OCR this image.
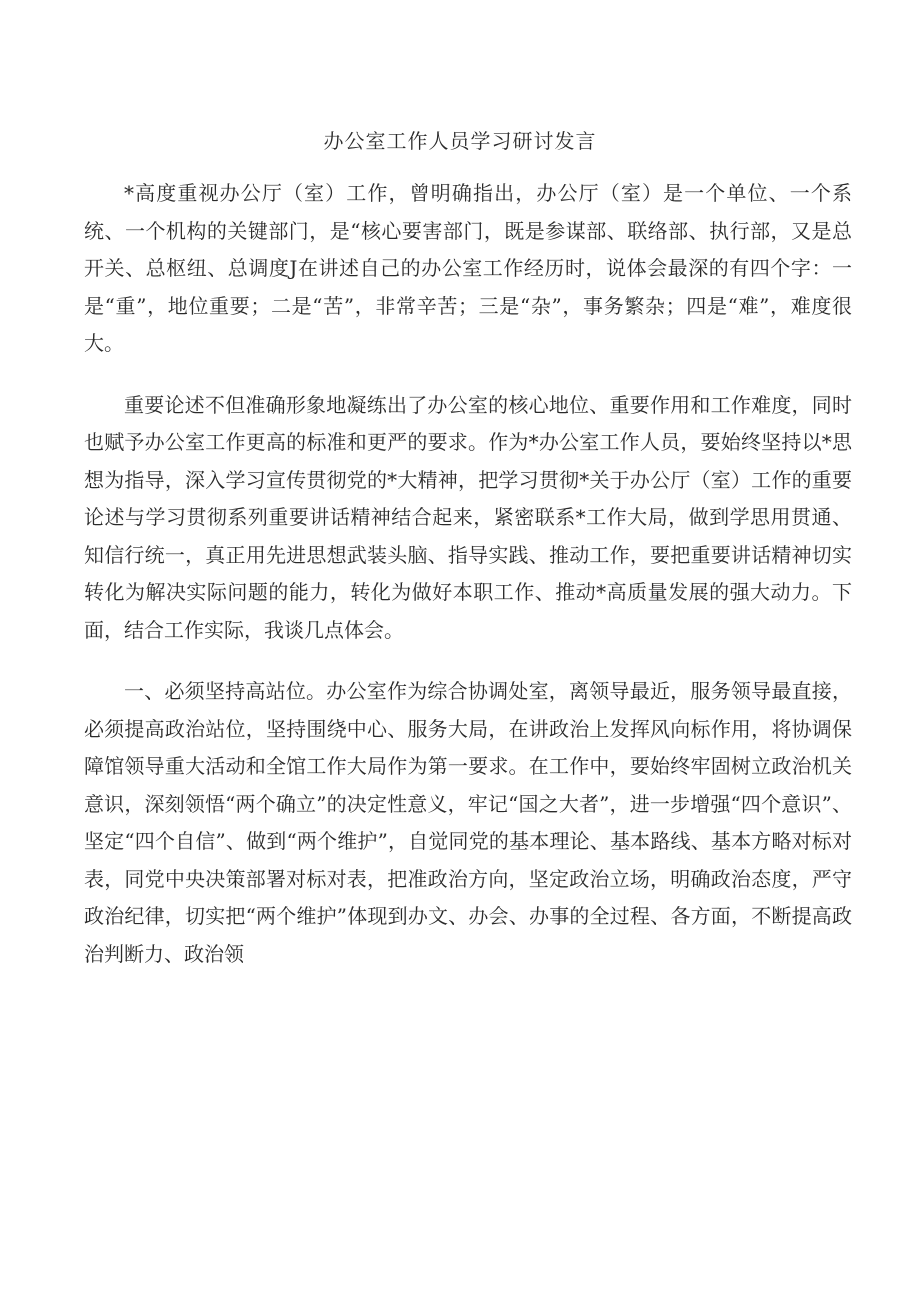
办公室工作人员学习研讨发言

*高度重视办公厅（室）工作，曾明确指出，办公厅（室）是一个单位、一个系统、一个机构的关键部门，是“核心要害部门，既是参谋部、联络部、执行部，又是总开关、总枢纽、总调度J在讲述自己的办公室工作经历时，说体会最深的有四个字：一是“重”，地位重要；二是“苦”，非常辛苦；三是“杂”，事务繁杂；四是“难”，难度很大。

重要论述不但准确形象地凝练出了办公室的核心地位、重要作用和工作难度，同时也赋予办公室工作更高的标准和更严的要求。作为*办公室工作人员，要始终坚持以*思想为指导，深入学习宣传贯彻党的*大精神，把学习贯彻*关于办公厅（室）工作的重要论述与学习贯彻系列重要讲话精神结合起来，紧密联系*工作大局，做到学思用贯通、知信行统一，真正用先进思想武装头脑、指导实践、推动工作，要把重要讲话精神切实转化为解决实际问题的能力，转化为做好本职工作、推动*高质量发展的强大动力。下面，结合工作实际，我谈几点体会。

一、必须坚持高站位。办公室作为综合协调处室，离领导最近，服务领导最直接，必须提高政治站位，坚持围绕中心、服务大局，在讲政治上发挥风向标作用，将协调保障馆领导重大活动和全馆工作大局作为第一要求。在工作中，要始终牢固树立政治机关意识，深刻领悟“两个确立”的决定性意义，牢记“国之大者”，进一步增强“四个意识”、坚定“四个自信”、做到“两个维护”，自觉同党的基本理论、基本路线、基本方略对标对表，同党中央决策部署对标对表，把准政治方向，坚定政治立场，明确政治态度，严守政治纪律，切实把“两个维护”体现到办文、办会、办事的全过程、各方面，不断提高政治判断力、政治领
